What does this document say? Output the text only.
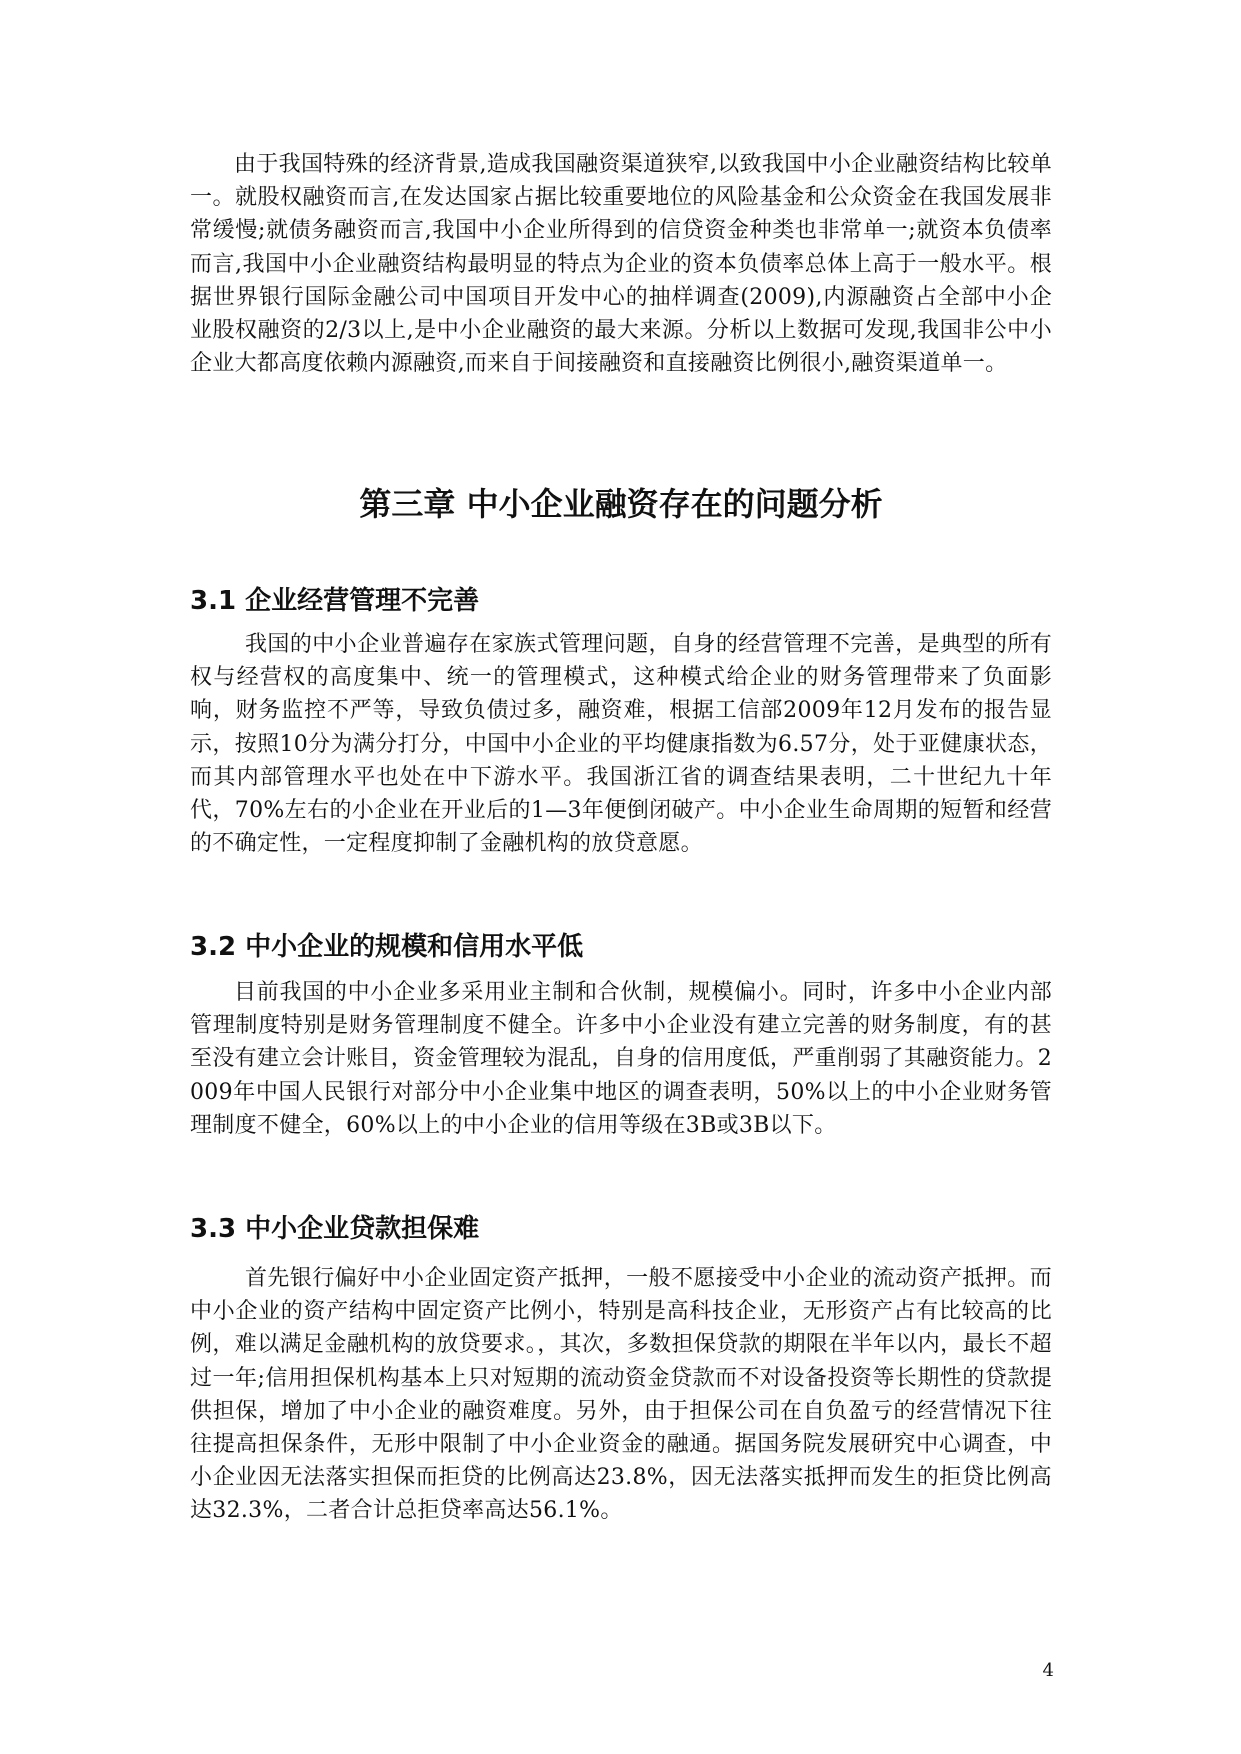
由于我国特殊的经济背景,造成我国融资渠道狭窄,以致我国中小企业融资结构比较单一。就股权融资而言,在发达国家占据比较重要地位的风险基金和公众资金在我国发展非常缓慢;就债务融资而言,我国中小企业所得到的信贷资金种类也非常单一;就资本负债率而言,我国中小企业融资结构最明显的特点为企业的资本负债率总体上高于一般水平。根据世界银行国际金融公司中国项目开发中心的抽样调查(2009),内源融资占全部中小企业股权融资的2/3以上,是中小企业融资的最大来源。分析以上数据可发现,我国非公中小企业大都高度依赖内源融资,而来自于间接融资和直接融资比例很小,融资渠道单一。

第三章 中小企业融资存在的问题分析
3.1 企业经营管理不完善

我国的中小企业普遍存在家族式管理问题，自身的经营管理不完善，是典型的所有权与经营权的高度集中、统一的管理模式，这种模式给企业的财务管理带来了负面影响，财务监控不严等，导致负债过多，融资难，根据工信部2009年12月发布的报告显示，按照10分为满分打分，中国中小企业的平均健康指数为6.57分，处于亚健康状态，而其内部管理水平也处在中下游水平。我国浙江省的调查结果表明，二十世纪九十年代，70%左右的小企业在开业后的1—3年便倒闭破产。中小企业生命周期的短暂和经营的不确定性，一定程度抑制了金融机构的放贷意愿。

3.2 中小企业的规模和信用水平低

目前我国的中小企业多采用业主制和合伙制，规模偏小。同时，许多中小企业内部管理制度特别是财务管理制度不健全。许多中小企业没有建立完善的财务制度，有的甚至没有建立会计账目，资金管理较为混乱，自身的信用度低，严重削弱了其融资能力。2009年中国人民银行对部分中小企业集中地区的调查表明，50%以上的中小企业财务管理制度不健全，60%以上的中小企业的信用等级在3B或3B以下。

3.3 中小企业贷款担保难

首先银行偏好中小企业固定资产抵押，一般不愿接受中小企业的流动资产抵押。而中小企业的资产结构中固定资产比例小，特别是高科技企业，无形资产占有比较高的比例，难以满足金融机构的放贷要求。，其次，多数担保贷款的期限在半年以内，最长不超过一年;信用担保机构基本上只对短期的流动资金贷款而不对设备投资等长期性的贷款提供担保，增加了中小企业的融资难度。另外，由于担保公司在自负盈亏的经营情况下往往提高担保条件，无形中限制了中小企业资金的融通。据国务院发展研究中心调查，中小企业因无法落实担保而拒贷的比例高达23.8%，因无法落实抵押而发生的拒贷比例高达32.3%，二者合计总拒贷率高达56.1%。

4
